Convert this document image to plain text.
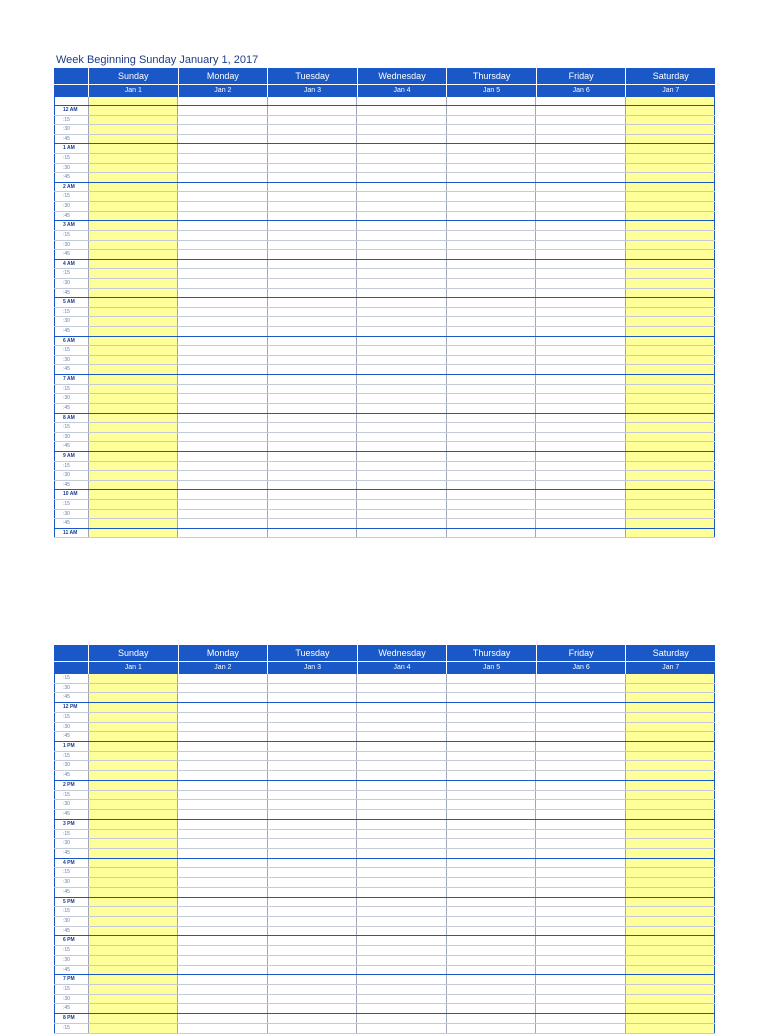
Week Beginning Sunday January 1, 2017
Sunday	Monday	Tuesday	Wednesday	Thursday	Friday	Saturday
Jan 1	Jan 2	Jan 3	Jan 4	Jan 5	Jan 6	Jan 7
12 AM
:15
:30
:45
1 AM
:15
:30
:45
2 AM
:15
:30
:45
3 AM
:15
:30
:45
4 AM
:15
:30
:45
5 AM
:15
:30
:45
6 AM
:15
:30
:45
7 AM
:15
:30
:45
8 AM
:15
:30
:45
9 AM
:15
:30
:45
10 AM
:15
:30
:45
11 AM
Sunday	Monday	Tuesday	Wednesday	Thursday	Friday	Saturday
Jan 1	Jan 2	Jan 3	Jan 4	Jan 5	Jan 6	Jan 7
:15
:30
:45
12 PM
:15
:30
:45
1 PM
:15
:30
:45
2 PM
:15
:30
:45
3 PM
:15
:30
:45
4 PM
:15
:30
:45
5 PM
:15
:30
:45
6 PM
:15
:30
:45
7 PM
:15
:30
:45
8 PM
:15
